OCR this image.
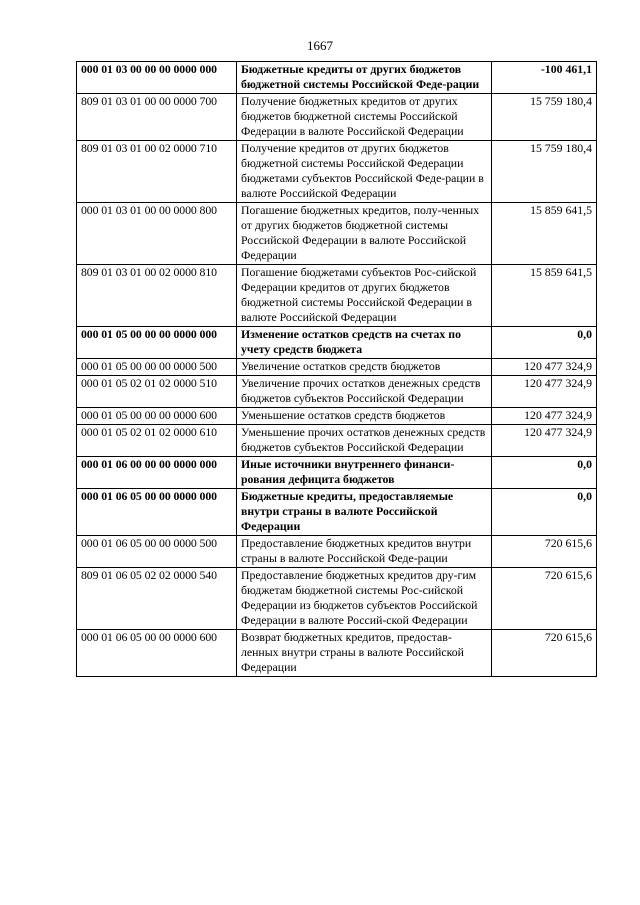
1667
000 01 03 00 00 00 0000 000	Бюджетные кредиты от других бюджетов бюджетной системы Российской Феде-рации	-100 461,1
809 01 03 01 00 00 0000 700	Получение бюджетных кредитов от других бюджетов бюджетной системы Российской Федерации в валюте Российской Федерации	15 759 180,4
809 01 03 01 00 02 0000 710	Получение кредитов от других бюджетов бюджетной системы Российской Федерации бюджетами субъектов Российской Феде-рации в валюте Российской Федерации	15 759 180,4
000 01 03 01 00 00 0000 800	Погашение бюджетных кредитов, полу-ченных от других бюджетов бюджетной системы Российской Федерации в валюте Российской Федерации	15 859 641,5
809 01 03 01 00 02 0000 810	Погашение бюджетами субъектов Рос-сийской Федерации кредитов от других бюджетов бюджетной системы Российской Федерации в валюте Российской Федерации	15 859 641,5
000 01 05 00 00 00 0000 000	Изменение остатков средств на счетах по учету средств бюджета	0,0
000 01 05 00 00 00 0000 500	Увеличение остатков средств бюджетов	120 477 324,9
000 01 05 02 01 02 0000 510	Увеличение прочих остатков денежных средств бюджетов субъектов Российской Федерации	120 477 324,9
000 01 05 00 00 00 0000 600	Уменьшение остатков средств бюджетов	120 477 324,9
000 01 05 02 01 02 0000 610	Уменьшение прочих остатков денежных средств бюджетов субъектов Российской Федерации	120 477 324,9
000 01 06 00 00 00 0000 000	Иные источники внутреннего финанси-рования дефицита бюджетов	0,0
000 01 06 05 00 00 0000 000	Бюджетные кредиты, предоставляемые внутри страны в валюте Российской Федерации	0,0
000 01 06 05 00 00 0000 500	Предоставление бюджетных кредитов внутри страны в валюте Российской Феде-рации	720 615,6
809 01 06 05 02 02 0000 540	Предоставление бюджетных кредитов дру-гим бюджетам бюджетной системы Рос-сийской Федерации из бюджетов субъектов Российской Федерации в валюте Россий-ской Федерации	720 615,6
000 01 06 05 00 00 0000 600	Возврат бюджетных кредитов, предостав-ленных внутри страны в валюте Российской Федерации	720 615,6
